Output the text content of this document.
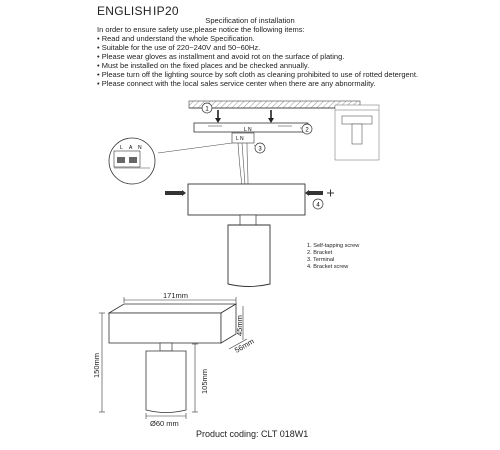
ENGLISH IP20
Specification of installation
In order to ensure safety use,please notice the following items:
• Read and understand the whole Specification.
• Suitable for the use of 220~240V and 50~60Hz.
• Please wear gloves as installment and avoid rot on the surface of plating.
• Must be installed on the fixed places and be checked annually.
• Please turn off the lighting source by soft cloth as cleaning prohibited to use of rotted detergent.
• Please connect with the local sales service center when there are any abnormality.
1
2
L N
L N
3
L A N
4
1. Self-tapping screw
2. Bracket
3. Terminal
4. Bracket screw
171mm
45mm
56mm
150mm
105mm
Ø60 mm
Product coding: CLT 018W1
